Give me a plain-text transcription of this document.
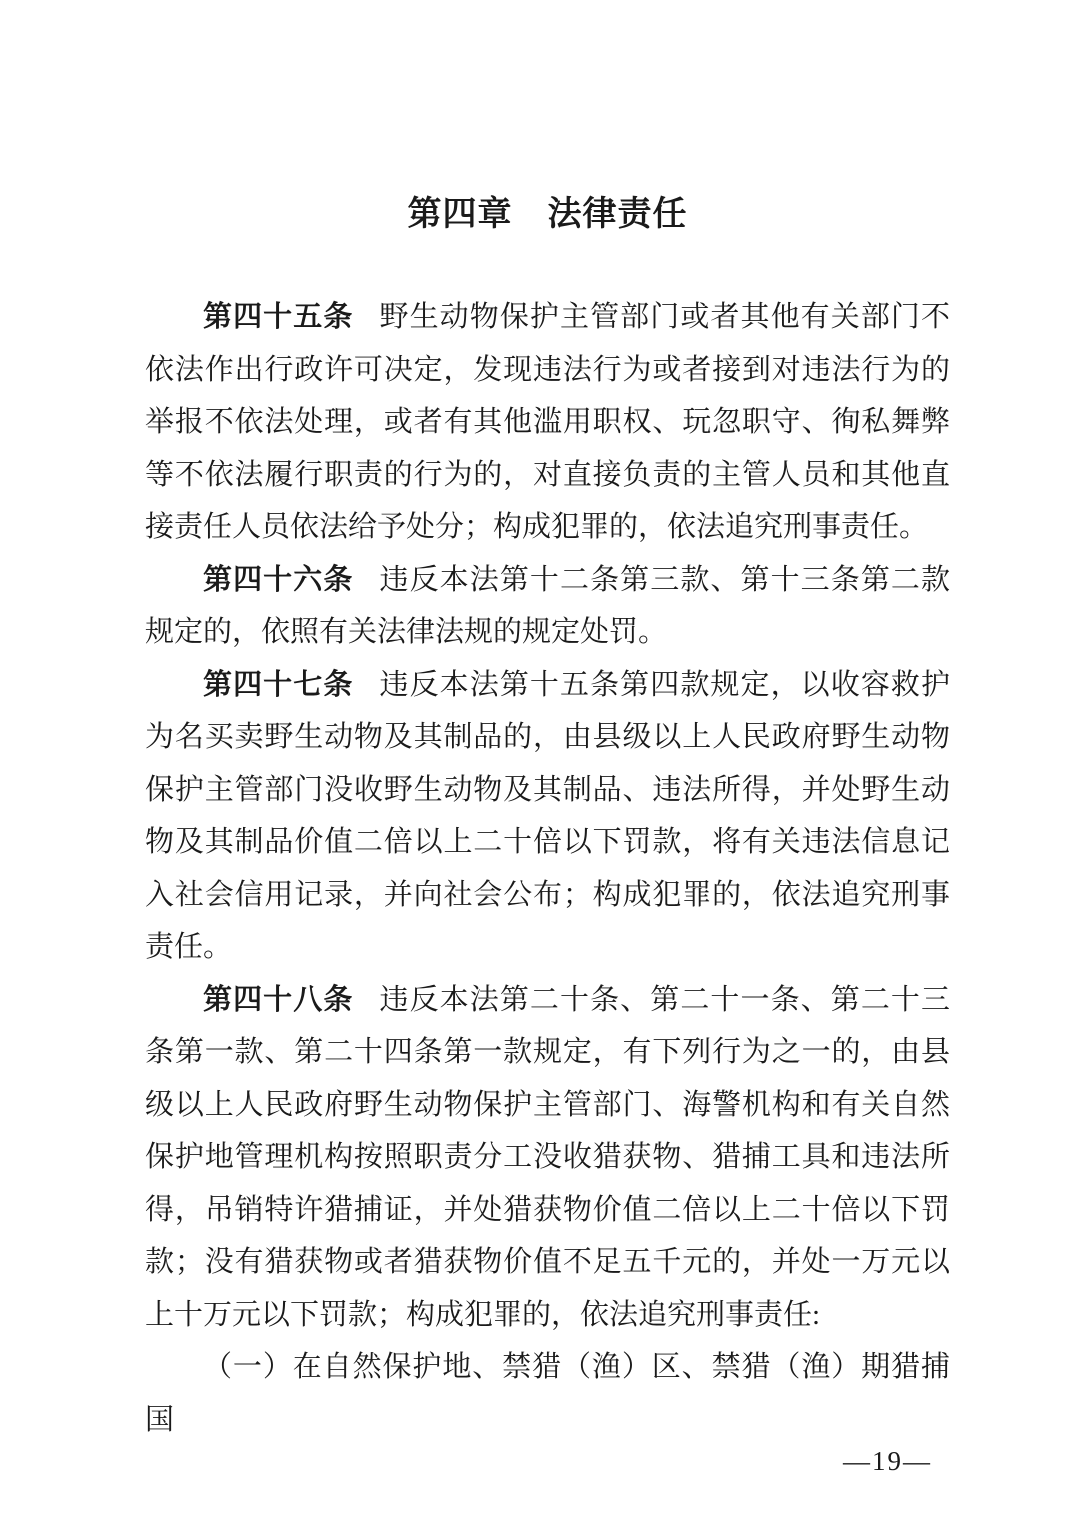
第四章　法律责任

第四十五条 野生动物保护主管部门或者其他有关部门不依法作出行政许可决定，发现违法行为或者接到对违法行为的举报不依法处理，或者有其他滥用职权、玩忽职守、徇私舞弊等不依法履行职责的行为的，对直接负责的主管人员和其他直接责任人员依法给予处分；构成犯罪的，依法追究刑事责任。

第四十六条 违反本法第十二条第三款、第十三条第二款规定的，依照有关法律法规的规定处罚。

第四十七条 违反本法第十五条第四款规定，以收容救护为名买卖野生动物及其制品的，由县级以上人民政府野生动物保护主管部门没收野生动物及其制品、违法所得，并处野生动物及其制品价值二倍以上二十倍以下罚款，将有关违法信息记入社会信用记录，并向社会公布；构成犯罪的，依法追究刑事责任。

第四十八条 违反本法第二十条、第二十一条、第二十三条第一款、第二十四条第一款规定，有下列行为之一的，由县级以上人民政府野生动物保护主管部门、海警机构和有关自然保护地管理机构按照职责分工没收猎获物、猎捕工具和违法所得，吊销特许猎捕证，并处猎获物价值二倍以上二十倍以下罚款；没有猎获物或者猎获物价值不足五千元的，并处一万元以上十万元以下罚款；构成犯罪的，依法追究刑事责任:

（一）在自然保护地、禁猎（渔）区、禁猎（渔）期猎捕国

—19—
